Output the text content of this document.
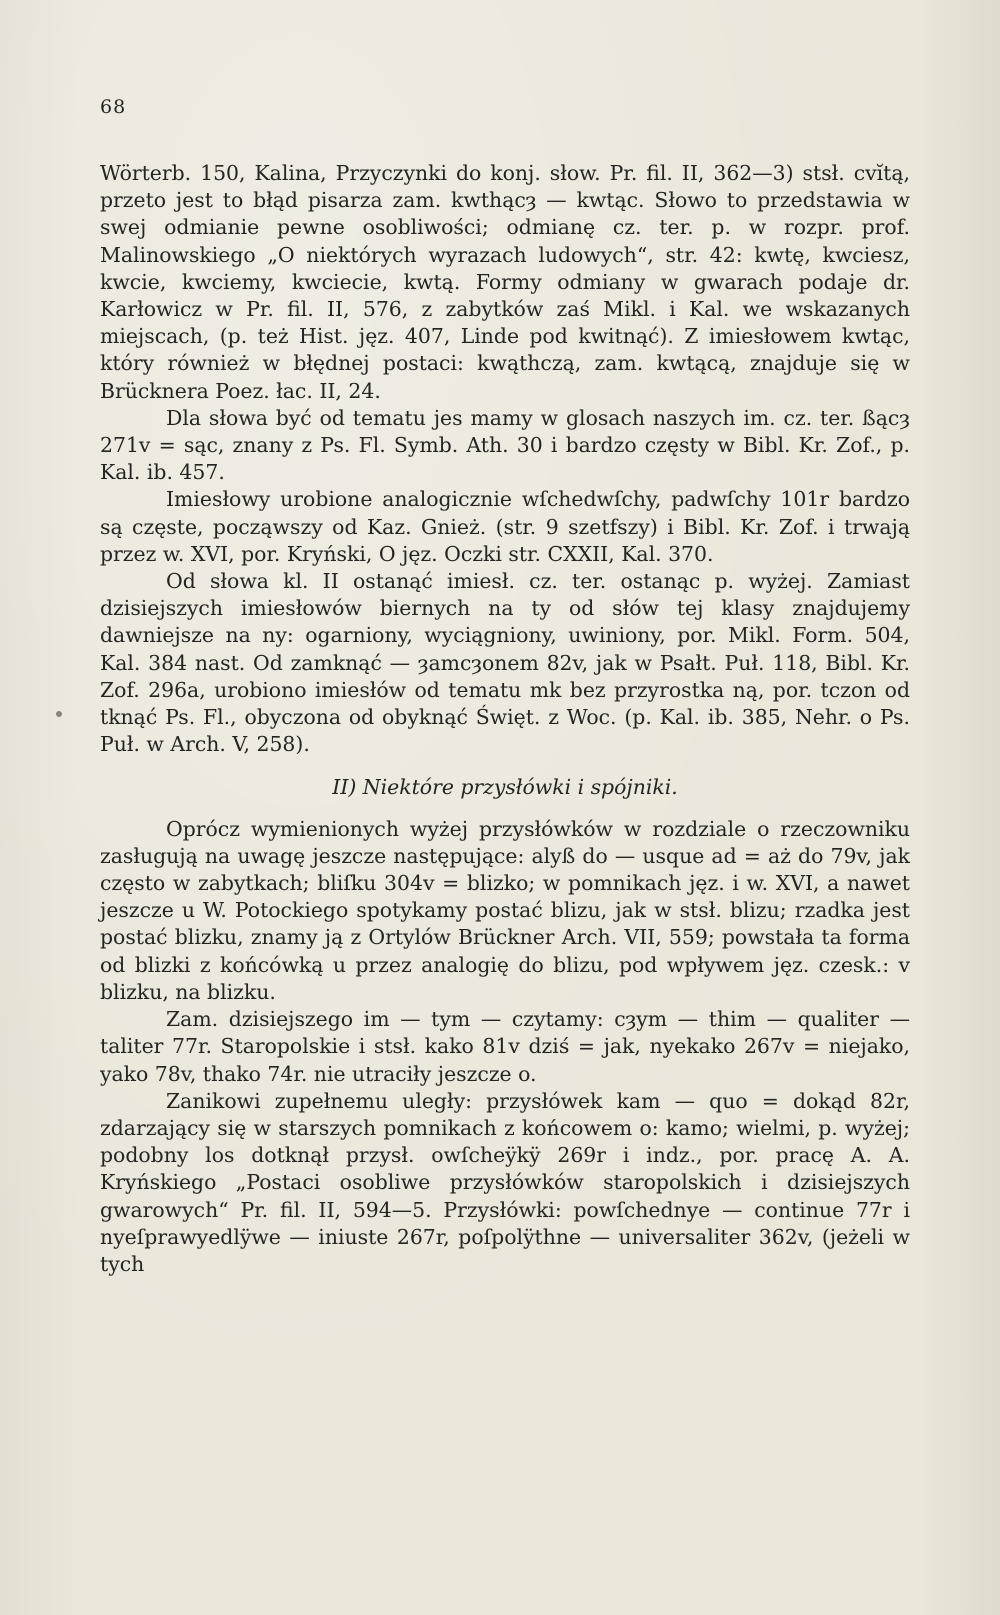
68

Wörterb. 150, Kalina, Przyczynki do konj. słow. Pr. fil. II, 362—3) stsł. cvĭtą, przeto jest to błąd pisarza zam. kwthącȝ — kwtąc. Słowo to przedstawia w swej odmianie pewne osobliwości; odmianę cz. ter. p. w rozpr. prof. Malinowskiego „O niektórych wyrazach ludowych“, str. 42: kwtę, kwciesz, kwcie, kwciemy, kwciecie, kwtą. Formy odmiany w gwarach podaje dr. Karłowicz w Pr. fil. II, 576, z zabytków zaś Mikl. i Kal. we wskazanych miejscach, (p. też Hist. jęz. 407, Linde pod kwitnąć). Z imiesłowem kwtąc, który również w błędnej postaci: kwąthczą, zam. kwtącą, znajduje się w Brücknera Poez. łac. II, 24.

Dla słowa być od tematu jes mamy w glosach naszych im. cz. ter. ßącȝ 271v = sąc, znany z Ps. Fl. Symb. Ath. 30 i bardzo częsty w Bibl. Kr. Zof., p. Kal. ib. 457.

Imiesłowy urobione analogicznie wſchedwſchy, padwſchy 101r bardzo są częste, począwszy od Kaz. Gnież. (str. 9 szetfszy) i Bibl. Kr. Zof. i trwają przez w. XVI, por. Kryński, O jęz. Oczki str. CXXII, Kal. 370.

Od słowa kl. II ostanąć imiesł. cz. ter. ostanąc p. wyżej. Zamiast dzisiejszych imiesłowów biernych na ty od słów tej klasy znajdujemy dawniejsze na ny: ogarniony, wyciągniony, uwiniony, por. Mikl. Form. 504, Kal. 384 nast. Od zamknąć — ȝamcȝonem 82v, jak w Psałt. Puł. 118, Bibl. Kr. Zof. 296a, urobiono imiesłów od tematu mk bez przyrostka ną, por. tczon od tknąć Ps. Fl., obyczona od obyknąć Święt. z Woc. (p. Kal. ib. 385, Nehr. o Ps. Puł. w Arch. V, 258).

II) Niektóre przysłówki i spójniki.

Oprócz wymienionych wyżej przysłówków w rozdziale o rzeczowniku zasługują na uwagę jeszcze następujące: alyß do — usque ad = aż do 79v, jak często w zabytkach; bliſku 304v = blizko; w pomnikach jęz. i w. XVI, a nawet jeszcze u W. Potockiego spotykamy postać blizu, jak w stsł. blizu; rzadka jest postać blizku, znamy ją z Ortylów Brückner Arch. VII, 559; powstała ta forma od blizki z końcówką u przez analogię do blizu, pod wpływem jęz. czesk.: v blizku, na blizku.

Zam. dzisiejszego im — tym — czytamy: cȝym — thim — qualiter — taliter 77r. Staropolskie i stsł. kako 81v dziś = jak, nyekako 267v = niejako, yako 78v, thako 74r. nie utraciły jeszcze o.

Zanikowi zupełnemu uległy: przysłówek kam — quo = dokąd 82r, zdarzający się w starszych pomnikach z końcowem o: kamo; wielmi, p. wyżej; podobny los dotknął przysł. owſcheÿkÿ 269r i indz., por. pracę A. A. Kryńskiego „Postaci osobliwe przysłówków staropolskich i dzisiejszych gwarowych“ Pr. fil. II, 594—5. Przysłówki: powſchednye — continue 77r i nyeſprawyedlÿwe — iniuste 267r, poſpolÿthne — universaliter 362v, (jeżeli w tych
